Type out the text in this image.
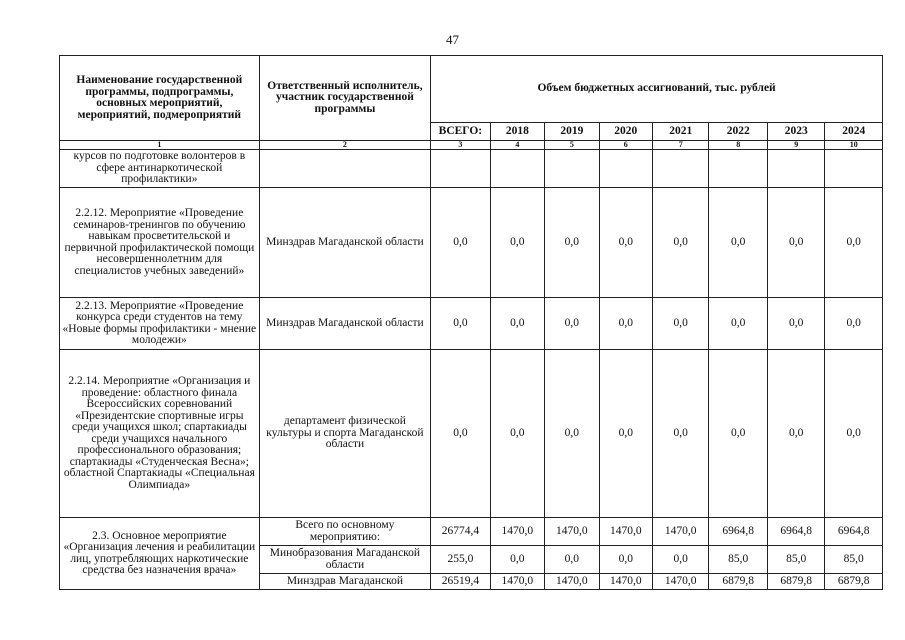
47
Наименование государственной программы, подпрограммы, основных мероприятий, мероприятий, подмероприятий	Ответственный исполнитель, участник государственной программы	Объем бюджетных ассигнований, тыс. рублей							
		ВСЕГО:	2018	2019	2020	2021	2022	2023	2024
1	2	3	4	5	6	7	8	9	10
курсов по подготовке волонтеров в сфере антинаркотической профилактики»									
2.2.12. Мероприятие «Проведение семинаров-тренингов по обучению навыкам просветительской и первичной профилактической помощи несовершеннолетним для специалистов учебных заведений»	Минздрав Магаданской области	0,0	0,0	0,0	0,0	0,0	0,0	0,0	0,0
2.2.13. Мероприятие «Проведение конкурса среди студентов на тему «Новые формы профилактики - мнение молодежи»	Минздрав Магаданской области	0,0	0,0	0,0	0,0	0,0	0,0	0,0	0,0
2.2.14. Мероприятие «Организация и проведение: областного финала Всероссийских соревнований «Президентские спортивные игры среди учащихся школ; спартакиады среди учащихся начального профессионального образования; спартакиады «Студенческая Весна»; областной Спартакиады «Специальная Олимпиада»	департамент физической культуры и спорта Магаданской области	0,0	0,0	0,0	0,0	0,0	0,0	0,0	0,0
2.3. Основное мероприятие «Организация лечения и реабилитации лиц, употребляющих наркотические средства без назначения врача»	Всего по основному мероприятию:	26774,4	1470,0	1470,0	1470,0	1470,0	6964,8	6964,8	6964,8
	Минобразования Магаданской области	255,0	0,0	0,0	0,0	0,0	85,0	85,0	85,0
	Минздрав Магаданской	26519,4	1470,0	1470,0	1470,0	1470,0	6879,8	6879,8	6879,8
